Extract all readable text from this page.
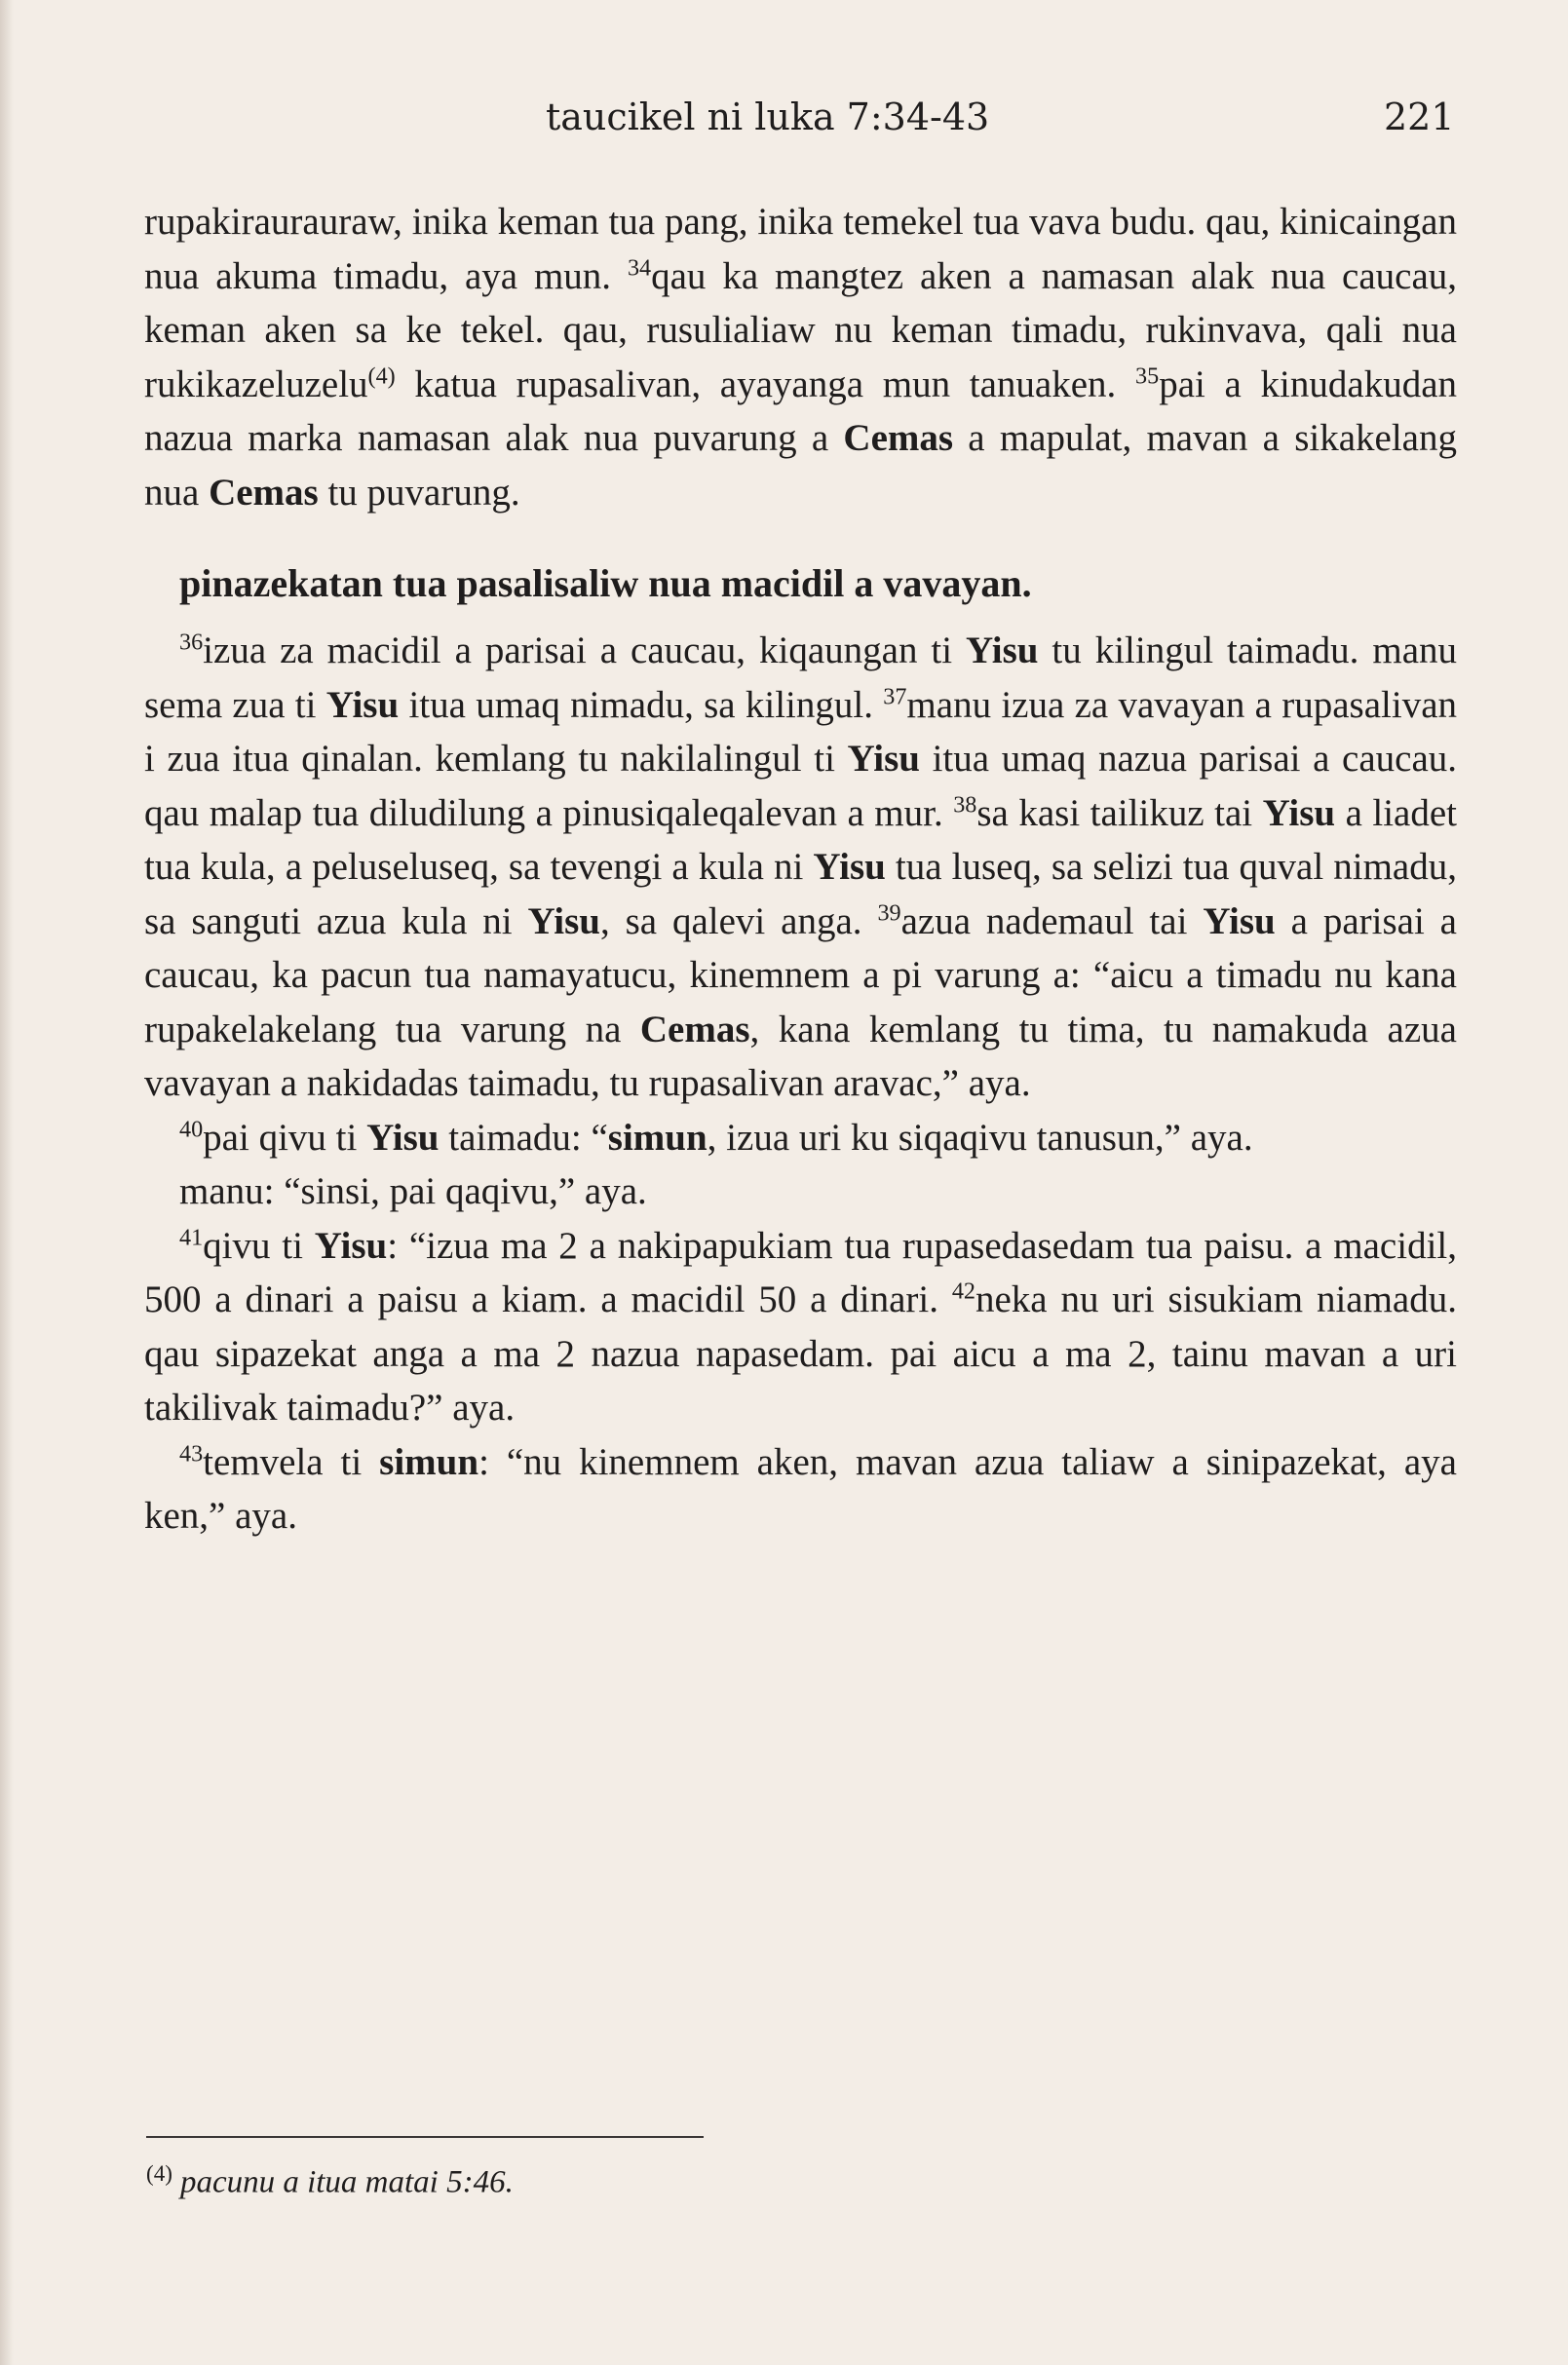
taucikel ni luka 7:34-43	221

rupakiraurauraw, inika keman tua pang, inika temekel tua vava budu. qau, kinicaingan nua akuma timadu, aya mun. $^{34}$qau ka mangtez aken a namasan alak nua caucau, keman aken sa ke tekel. qau, rusulialiaw nu keman timadu, rukinvava, qali nua rukikazeluzelu$^{(4)}$ katua rupasalivan, ayayanga mun tanuaken. $^{35}$pai a kinudakudan nazua marka namasan alak nua puvarung a Cemas a mapulat, mavan a sikakelang nua Cemas tu puvarung.

pinazekatan tua pasalisaliw nua macidil a vavayan.

$^{36}$izua za macidil a parisai a caucau, kiqaungan ti Yisu tu kilingul taimadu. manu sema zua ti Yisu itua umaq nimadu, sa kilingul. $^{37}$manu izua za vavayan a rupasalivan i zua itua qinalan. kemlang tu nakilalingul ti Yisu itua umaq nazua parisai a caucau. qau malap tua diludilung a pinusiqaleqalevan a mur. $^{38}$sa kasi tailikuz tai Yisu a liadet tua kula, a peluseluseq, sa tevengi a kula ni Yisu tua luseq, sa selizi tua quval nimadu, sa sanguti azua kula ni Yisu, sa qalevi anga. $^{39}$azua nademaul tai Yisu a parisai a caucau, ka pacun tua namayatucu, kinemnem a pi varung a: “aicu a timadu nu kana rupakelakelang tua varung na Cemas, kana kemlang tu tima, tu namakuda azua vavayan a nakidadas taimadu, tu rupasalivan aravac,” aya.

$^{40}$pai qivu ti Yisu taimadu: “simun, izua uri ku siqaqivu tanusun,” aya.

manu: “sinsi, pai qaqivu,” aya.

$^{41}$qivu ti Yisu: “izua ma 2 a nakipapukiam tua rupasedasedam tua paisu. a macidil, 500 a dinari a paisu a kiam. a macidil 50 a dinari. $^{42}$neka nu uri sisukiam niamadu. qau sipazekat anga a ma 2 nazua napasedam. pai aicu a ma 2, tainu mavan a uri takilivak taimadu?” aya.

$^{43}$temvela ti simun: “nu kinemnem aken, mavan azua taliaw a sinipazekat, aya ken,” aya.

$^{(4)}$ pacunu a itua matai 5:46.
